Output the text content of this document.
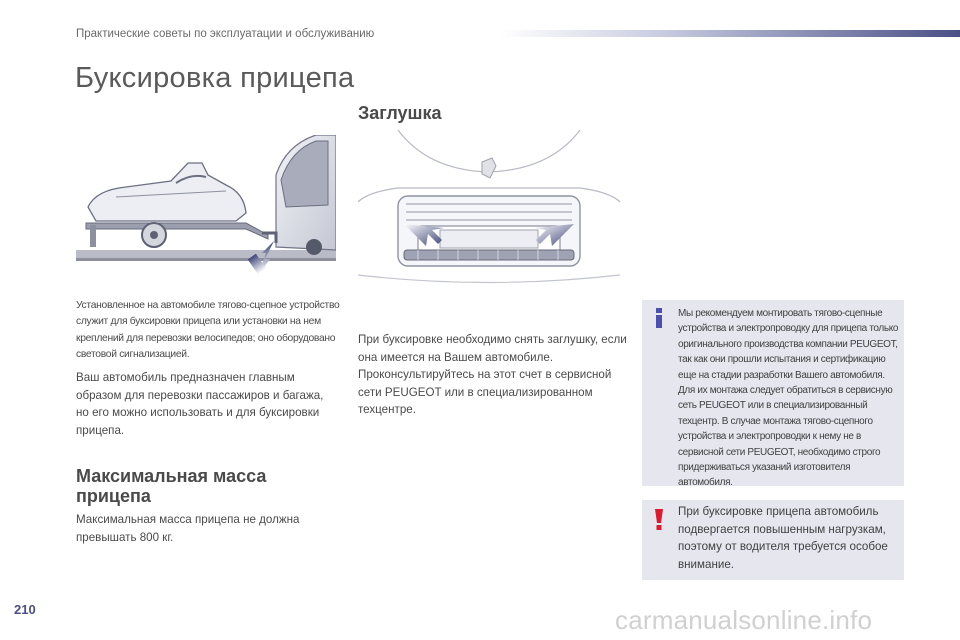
Практические советы по эксплуатации и обслуживанию
Буксировка прицепа
Установленное на автомобиле тягово-сцепное устройство служит для буксировки прицепа или установки на нем креплений для перевозки велосипедов; оно оборудовано световой сигнализацией.
Ваш автомобиль предназначен главным образом для перевозки пассажиров и багажа, но его можно использовать и для буксировки прицепа.
Максимальная масса прицепа
Максимальная масса прицепа не должна превышать 800 кг.
Заглушка
При буксировке необходимо снять заглушку, если она имеется на Вашем автомобиле. Проконсультируйтесь на этот счет в сервисной сети PEUGEOT или в специализированном техцентре.
Мы рекомендуем монтировать тягово-сцепные устройства и электропроводку для прицепа только оригинального производства компании PEUGEOT, так как они прошли испытания и сертификацию еще на стадии разработки Вашего автомобиля. Для их монтажа следует обратиться в сервисную сеть PEUGEOT или в специализированный техцентр. В случае монтажа тягово-сцепного устройства и электропроводки к нему не в сервисной сети PEUGEOT, необходимо строго придерживаться указаний изготовителя автомобиля.
При буксировке прицепа автомобиль подвергается повышенным нагрузкам, поэтому от водителя требуется особое внимание.
210	carmanualsonline.info
